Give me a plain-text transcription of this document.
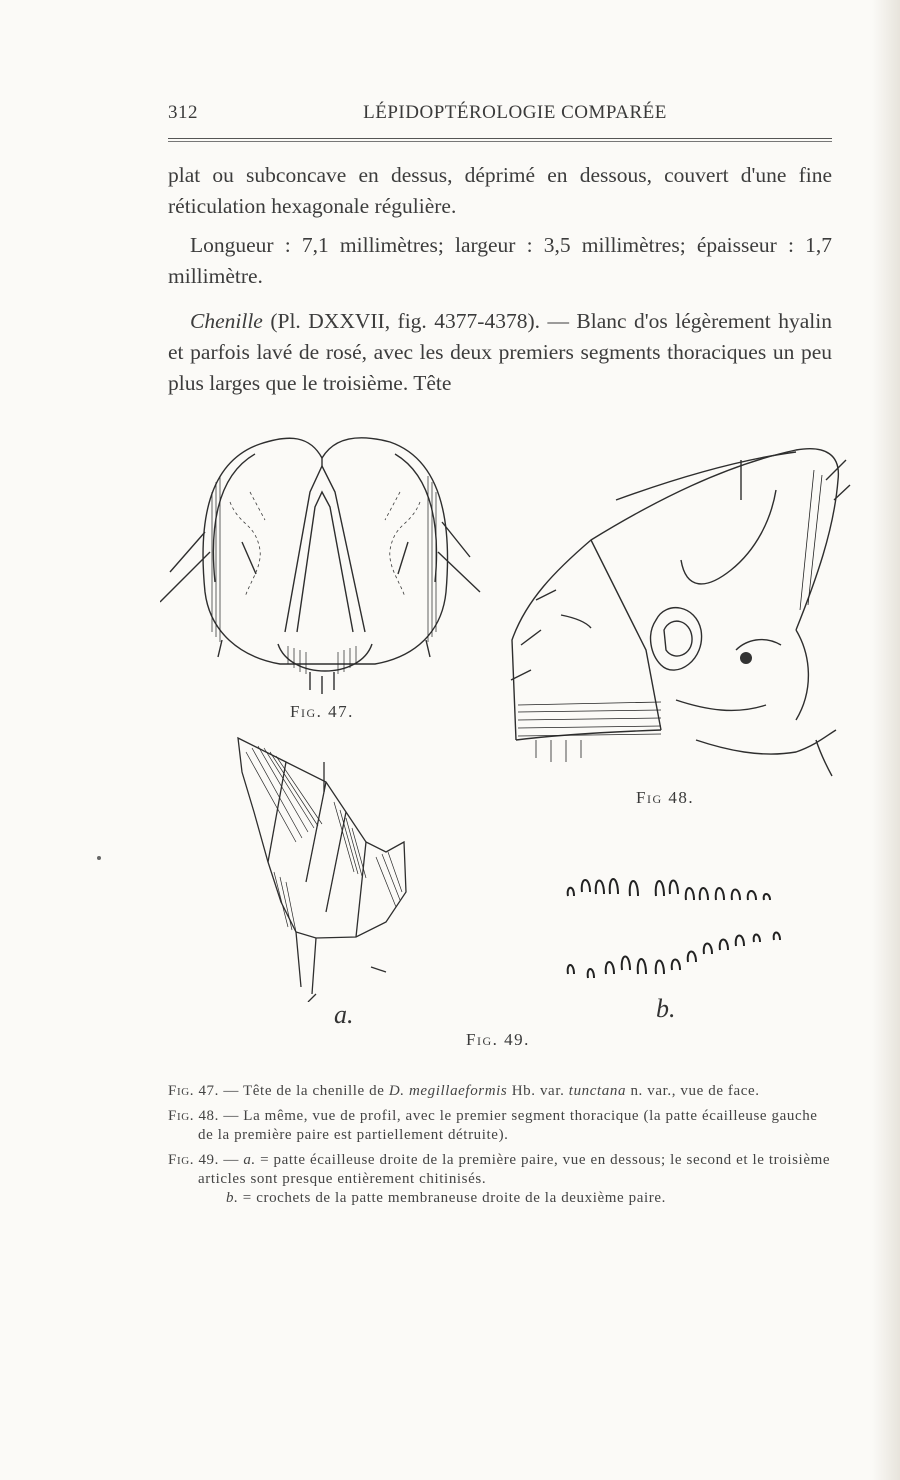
312	LÉPIDOPTÉROLOGIE COMPARÉE

plat ou subconcave en dessus, déprimé en dessous, couvert d'une fine réticulation hexagonale régulière.

Longueur : 7,1 millimètres; largeur : 3,5 millimètres; épaisseur : 1,7 millimètre.

Chenille (Pl. DXXVII, fig. 4377-4378). — Blanc d'os légèrement hyalin et parfois lavé de rosé, avec les deux premiers segments thoraciques un peu plus larges que le troisième. Tête

Fig. 47.
Fig 48.
a.	b.
Fig. 49.

Fig. 47. — Tête de la chenille de D. megillaeformis Hb. var. tunctana n. var., vue de face.

Fig. 48. — La même, vue de profil, avec le premier segment thoracique (la patte écailleuse gauche de la première paire est partiellement détruite).

Fig. 49. — a. = patte écailleuse droite de la première paire, vue en dessous; le second et le troisième articles sont presque entièrement chitinisés.
b. = crochets de la patte membraneuse droite de la deuxième paire.
